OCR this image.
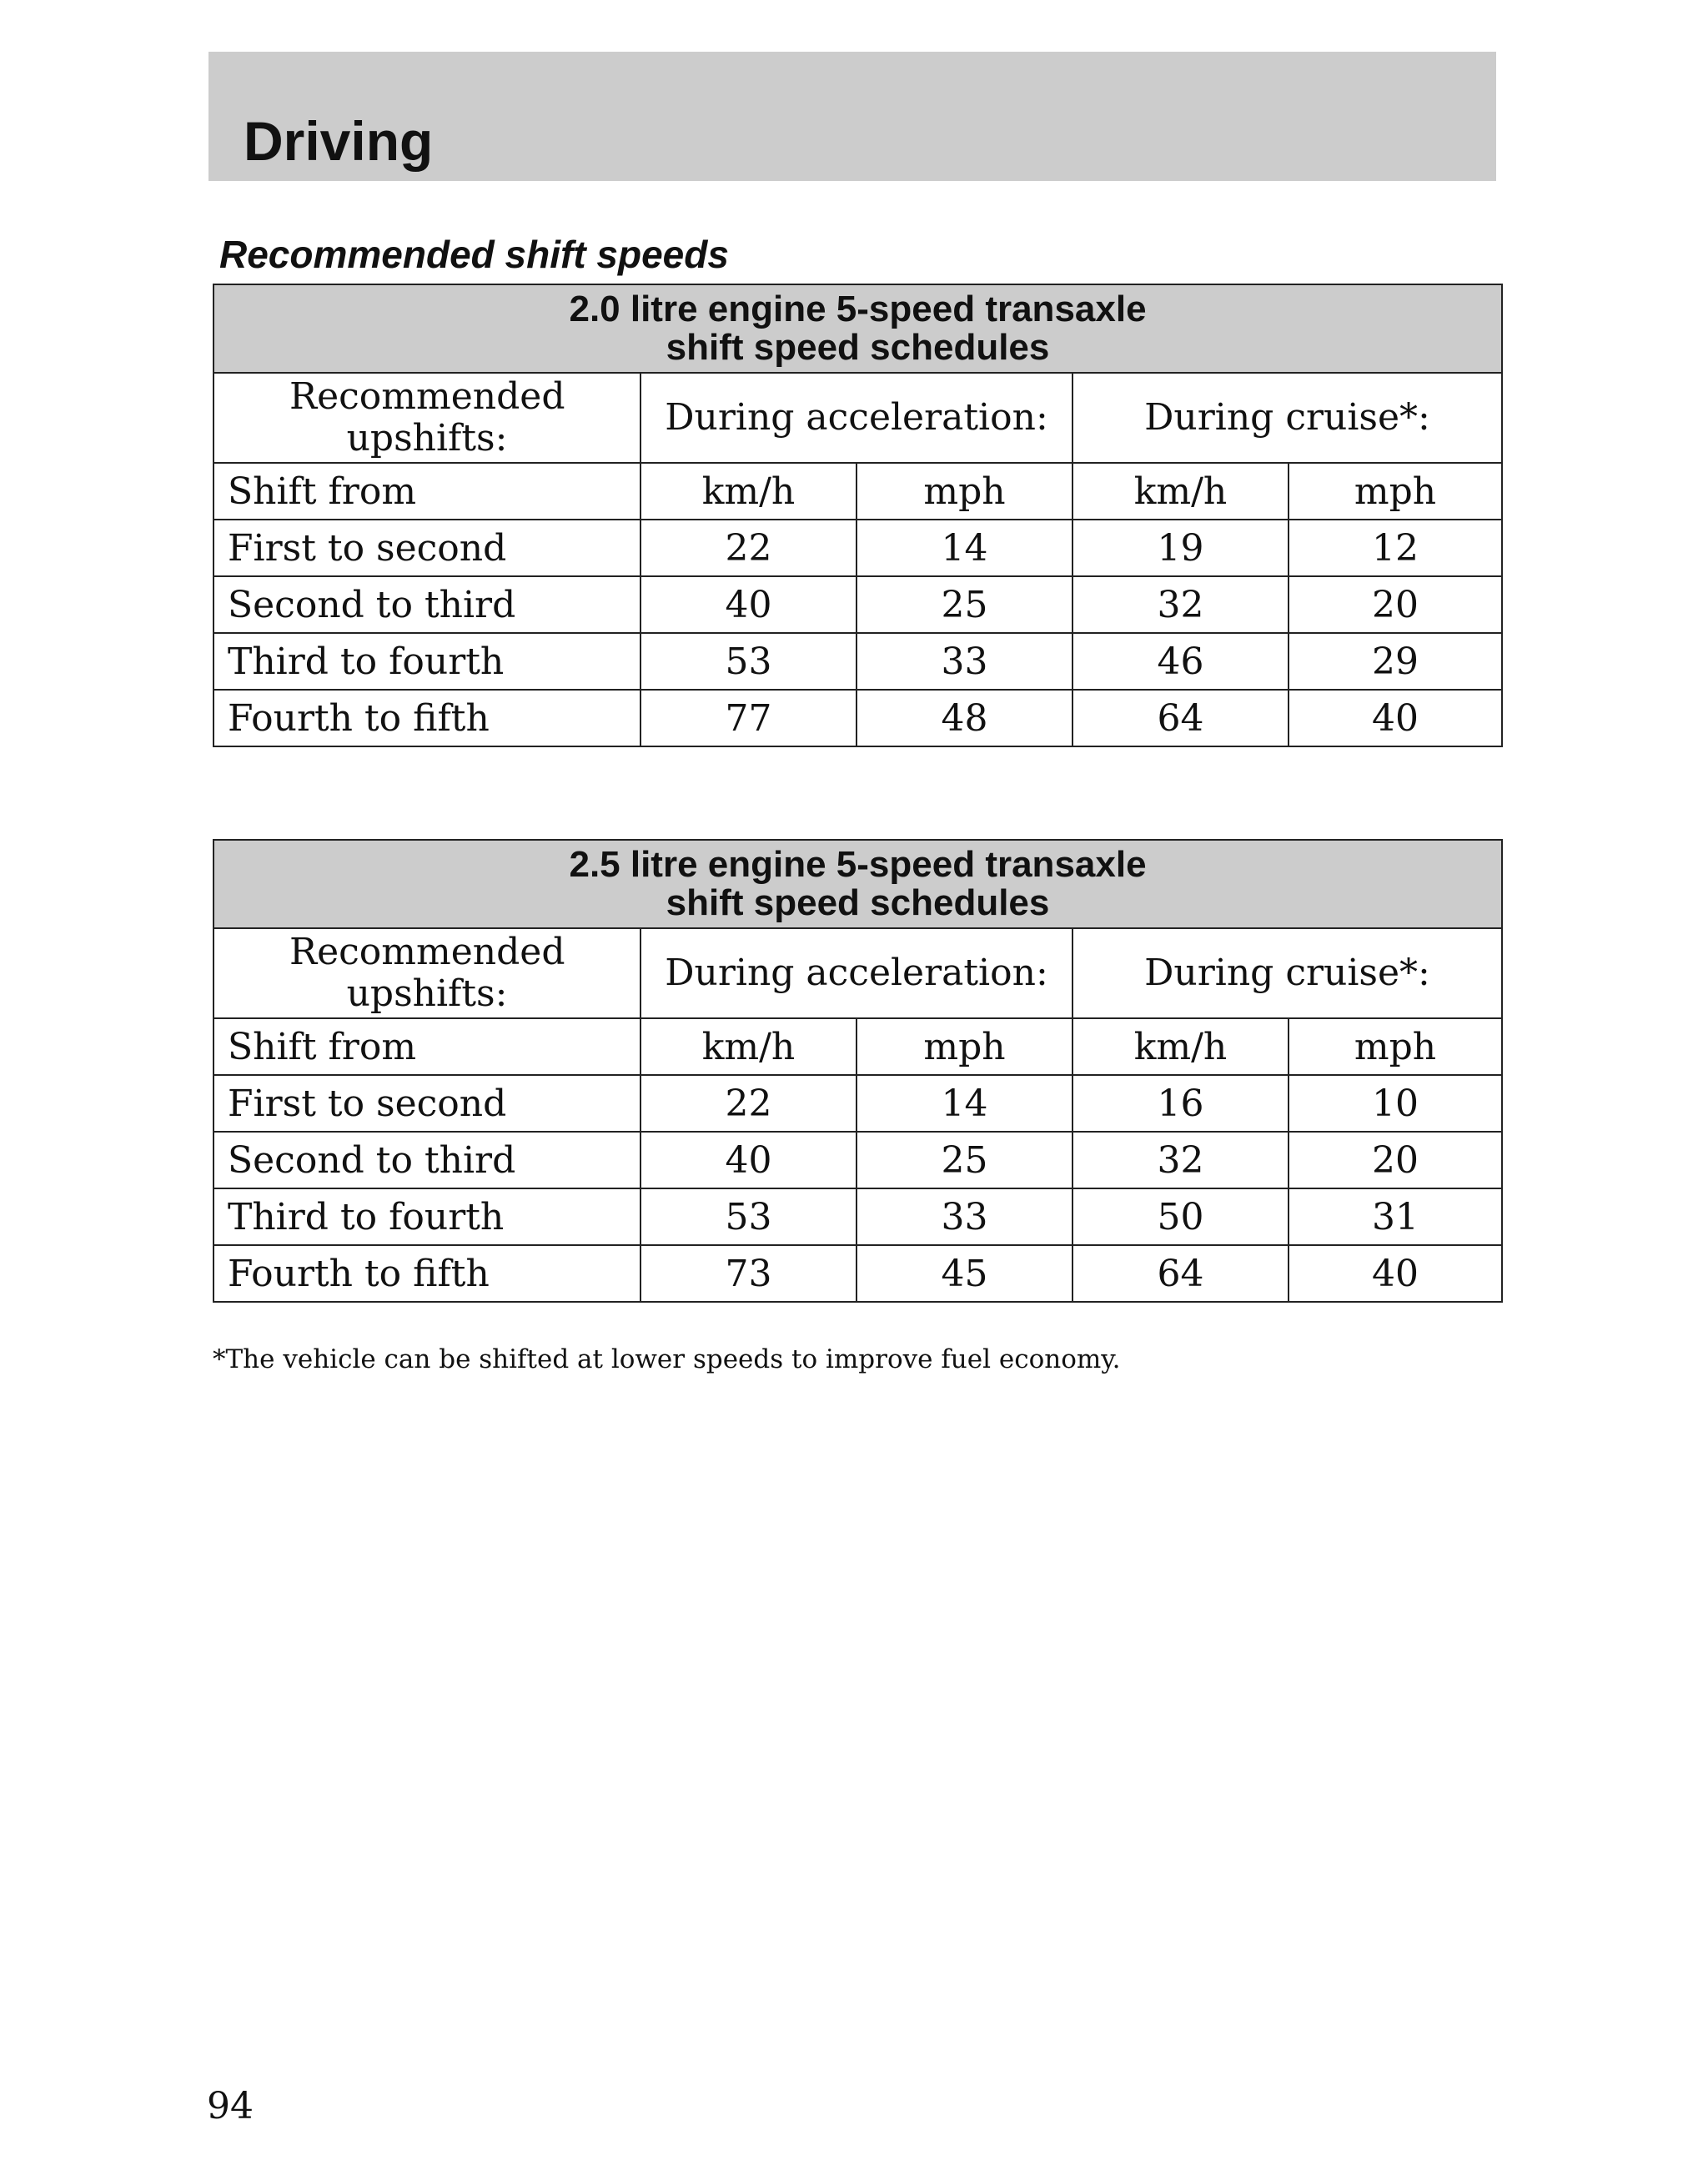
Driving
Recommended shift speeds
2.0 litre engine 5-speed transaxle
shift speed schedules				

Recommended upshifts:	During acceleration:		During cruise*:	
Shift from	km/h	mph	km/h	mph
First to second	22	14	19	12
Second to third	40	25	32	20
Third to fourth	53	33	46	29
Fourth to fifth	77	48	64	40
2.5 litre engine 5-speed transaxle
shift speed schedules				

Recommended upshifts:	During acceleration:		During cruise*:	
Shift from	km/h	mph	km/h	mph
First to second	22	14	16	10
Second to third	40	25	32	20
Third to fourth	53	33	50	31
Fourth to fifth	73	45	64	40

*The vehicle can be shifted at lower speeds to improve fuel economy.

94
